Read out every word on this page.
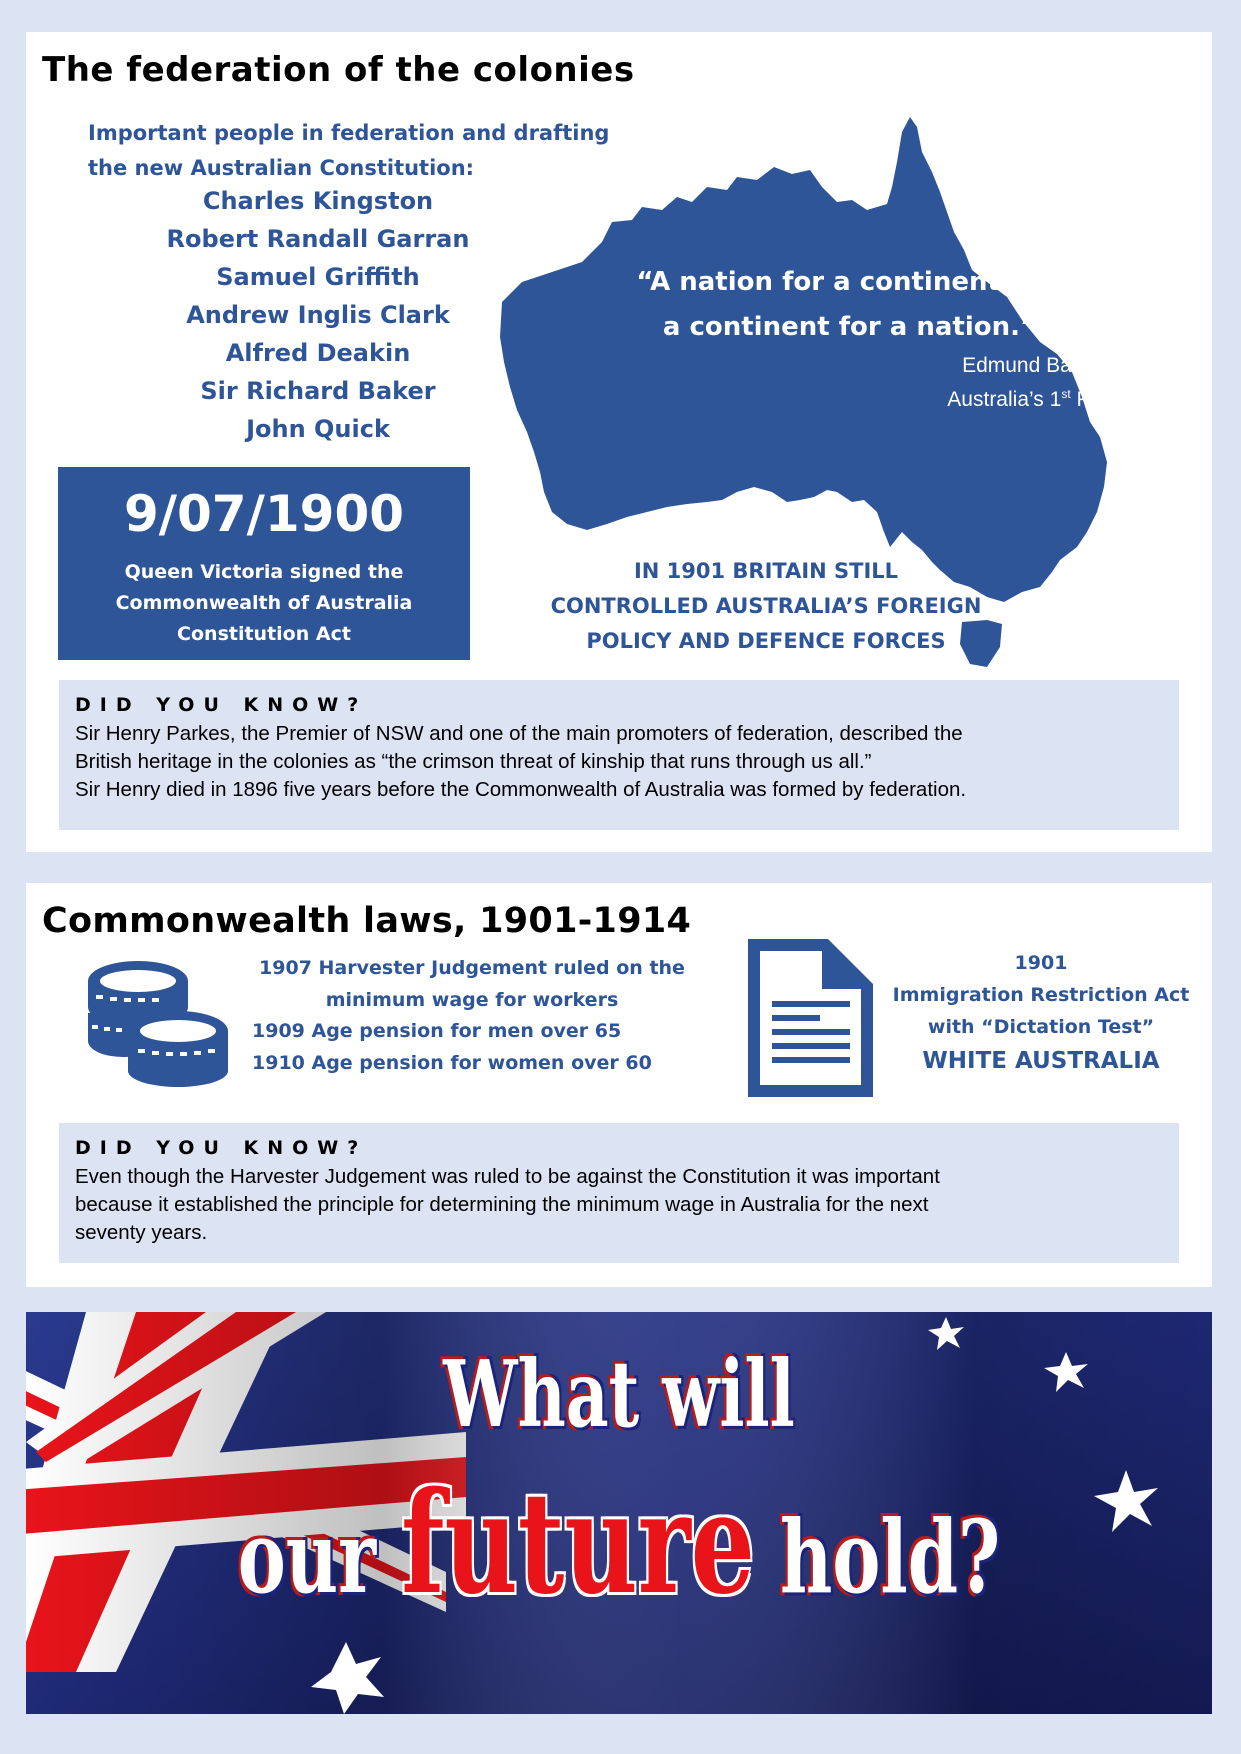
The federation of the colonies
Important people in federation and drafting the new Australian Constitution:
Charles Kingston
Robert Randall Garran
Samuel Griffith
Andrew Inglis Clark
Alfred Deakin
Sir Richard Baker
John Quick
“A nation for a continent and
a continent for a nation.”
Edmund Barton
Australia’s 1st PM
9/07/1900
Queen Victoria signed the
Commonwealth of Australia
Constitution Act
IN 1901 BRITAIN STILL
CONTROLLED AUSTRALIA’S FOREIGN
POLICY AND DEFENCE FORCES
DID YOU KNOW?
Sir Henry Parkes, the Premier of NSW and one of the main promoters of federation, described the
British heritage in the colonies as “the crimson threat of kinship that runs through us all.”
Sir Henry died in 1896 five years before the Commonwealth of Australia was formed by federation.
Commonwealth laws, 1901-1914
1907 Harvester Judgement ruled on the
minimum wage for workers
1909 Age pension for men over 65
1910 Age pension for women over 60
1901
Immigration Restriction Act
with “Dictation Test”
WHITE AUSTRALIA
DID YOU KNOW?
Even though the Harvester Judgement was ruled to be against the Constitution it was important
because it established the principle for determining the minimum wage in Australia for the next
seventy years.
What will
our future hold?
